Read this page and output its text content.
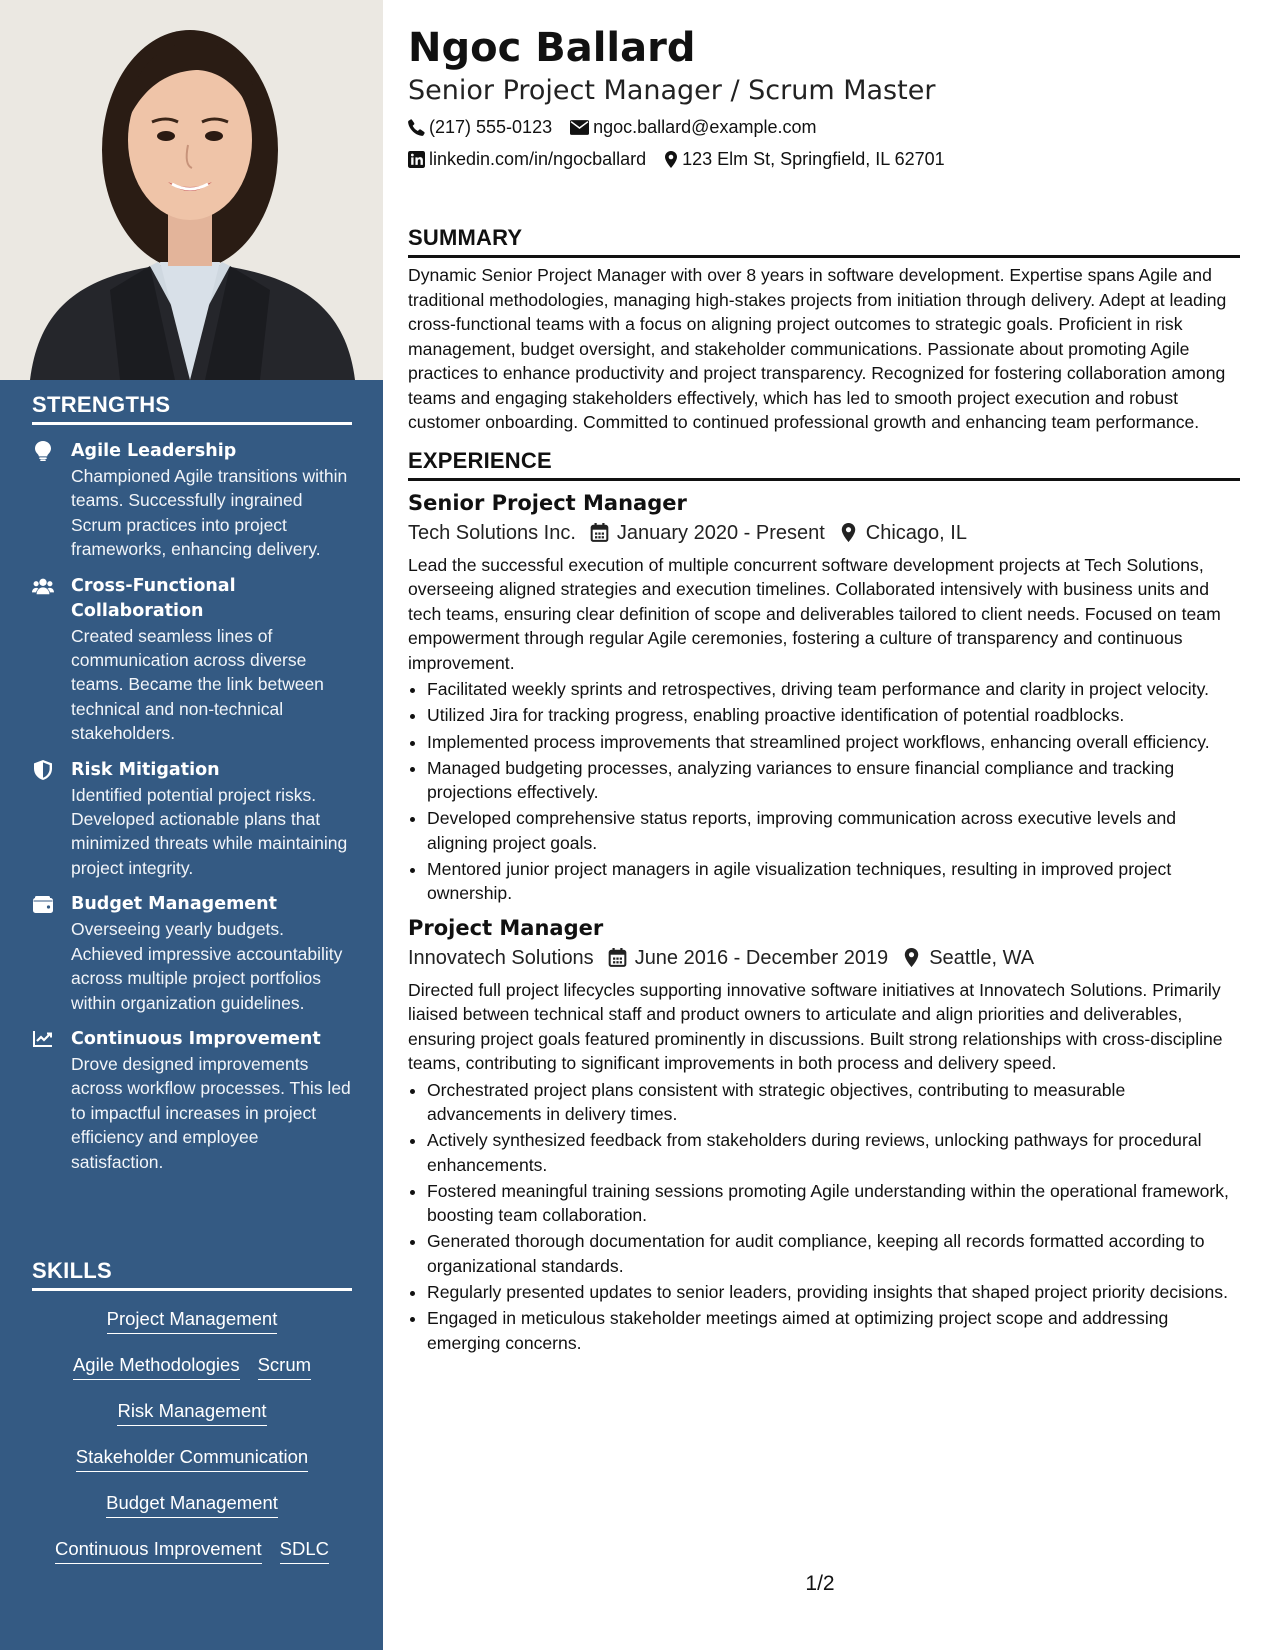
STRENGTHS
Agile Leadership
Championed Agile transitions within teams. Successfully ingrained Scrum practices into project frameworks, enhancing delivery.
Cross-Functional Collaboration
Created seamless lines of communication across diverse teams. Became the link between technical and non-technical stakeholders.
Risk Mitigation
Identified potential project risks. Developed actionable plans that minimized threats while maintaining project integrity.
Budget Management
Overseeing yearly budgets. Achieved impressive accountability across multiple project portfolios within organization guidelines.
Continuous Improvement
Drove designed improvements across workflow processes. This led to impactful increases in project efficiency and employee satisfaction.
SKILLS
Project Management
Agile Methodologies Scrum
Risk Management
Stakeholder Communication
Budget Management
Continuous Improvement SDLC
Ngoc Ballard
Senior Project Manager / Scrum Master
(217) 555-0123 ngoc.ballard@example.com
linkedin.com/in/ngocballard 123 Elm St, Springfield, IL 62701
SUMMARY

Dynamic Senior Project Manager with over 8 years in software development. Expertise spans Agile and traditional methodologies, managing high-stakes projects from initiation through delivery. Adept at leading cross-functional teams with a focus on aligning project outcomes to strategic goals. Proficient in risk management, budget oversight, and stakeholder communications. Passionate about promoting Agile practices to enhance productivity and project transparency. Recognized for fostering collaboration among teams and engaging stakeholders effectively, which has led to smooth project execution and robust customer onboarding. Committed to continued professional growth and enhancing team performance.

EXPERIENCE
Senior Project Manager
Tech Solutions Inc. January 2020 - Present Chicago, IL

Lead the successful execution of multiple concurrent software development projects at Tech Solutions, overseeing aligned strategies and execution timelines. Collaborated intensively with business units and tech teams, ensuring clear definition of scope and deliverables tailored to client needs. Focused on team empowerment through regular Agile ceremonies, fostering a culture of transparency and continuous improvement.

• Facilitated weekly sprints and retrospectives, driving team performance and clarity in project velocity.
• Utilized Jira for tracking progress, enabling proactive identification of potential roadblocks.
• Implemented process improvements that streamlined project workflows, enhancing overall efficiency.
• Managed budgeting processes, analyzing variances to ensure financial compliance and tracking projections effectively.
• Developed comprehensive status reports, improving communication across executive levels and aligning project goals.
• Mentored junior project managers in agile visualization techniques, resulting in improved project ownership.
Project Manager
Innovatech Solutions June 2016 - December 2019 Seattle, WA

Directed full project lifecycles supporting innovative software initiatives at Innovatech Solutions. Primarily liaised between technical staff and product owners to articulate and align priorities and deliverables, ensuring project goals featured prominently in discussions. Built strong relationships with cross-discipline teams, contributing to significant improvements in both process and delivery speed.

• Orchestrated project plans consistent with strategic objectives, contributing to measurable advancements in delivery times.
• Actively synthesized feedback from stakeholders during reviews, unlocking pathways for procedural enhancements.
• Fostered meaningful training sessions promoting Agile understanding within the operational framework, boosting team collaboration.
• Generated thorough documentation for audit compliance, keeping all records formatted according to organizational standards.
• Regularly presented updates to senior leaders, providing insights that shaped project priority decisions.
• Engaged in meticulous stakeholder meetings aimed at optimizing project scope and addressing emerging concerns.
1/2
